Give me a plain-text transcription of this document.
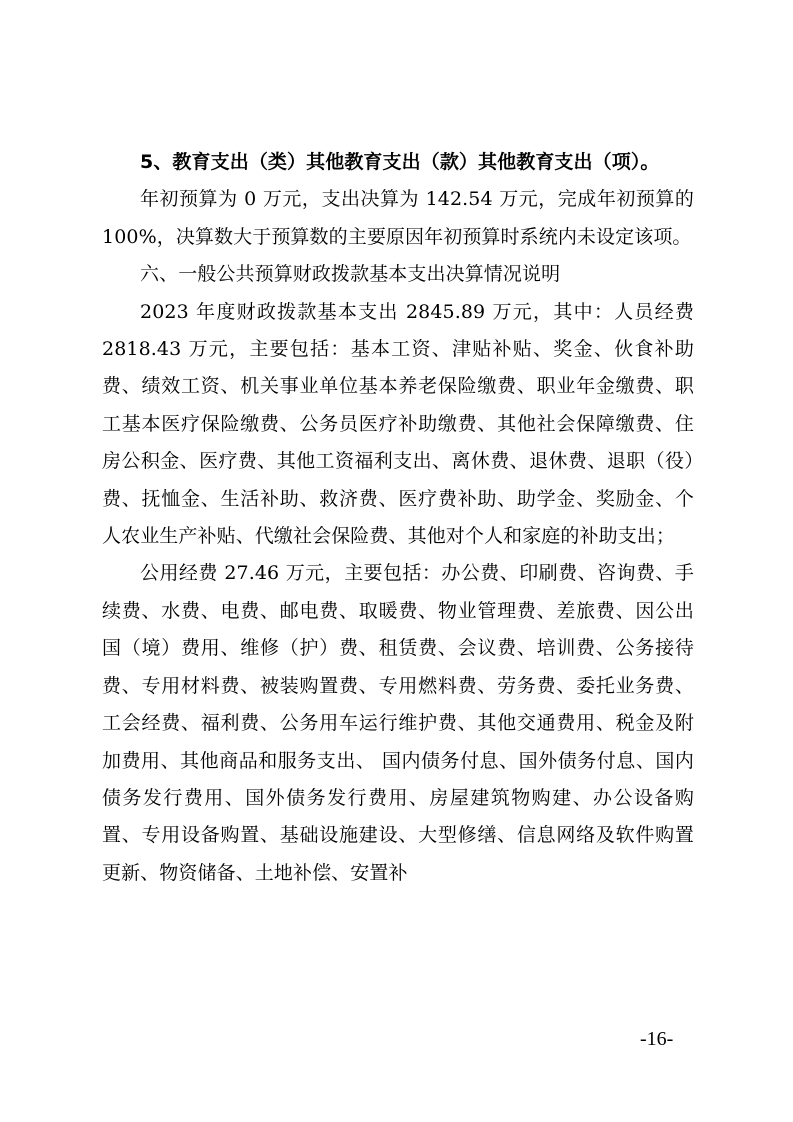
5、教育支出（类）其他教育支出（款）其他教育支出（项）。

年初预算为 0 万元，支出决算为 142.54 万元，完成年初预算的 100%，决算数大于预算数的主要原因年初预算时系统内未设定该项。

六、一般公共预算财政拨款基本支出决算情况说明

2023 年度财政拨款基本支出 2845.89 万元，其中：人员经费 2818.43 万元，主要包括：基本工资、津贴补贴、奖金、伙食补助费、绩效工资、机关事业单位基本养老保险缴费、职业年金缴费、职工基本医疗保险缴费、公务员医疗补助缴费、其他社会保障缴费、住房公积金、医疗费、其他工资福利支出、离休费、退休费、退职（役）费、抚恤金、生活补助、救济费、医疗费补助、助学金、奖励金、个人农业生产补贴、代缴社会保险费、其他对个人和家庭的补助支出；

公用经费 27.46 万元，主要包括：办公费、印刷费、咨询费、手续费、水费、电费、邮电费、取暖费、物业管理费、差旅费、因公出国（境）费用、维修（护）费、租赁费、会议费、培训费、公务接待费、专用材料费、被装购置费、专用燃料费、劳务费、委托业务费、工会经费、福利费、公务用车运行维护费、其他交通费用、税金及附加费用、其他商品和服务支出、 国内债务付息、国外债务付息、国内债务发行费用、国外债务发行费用、房屋建筑物购建、办公设备购置、专用设备购置、基础设施建设、大型修缮、信息网络及软件购置更新、物资储备、土地补偿、安置补

-16-
